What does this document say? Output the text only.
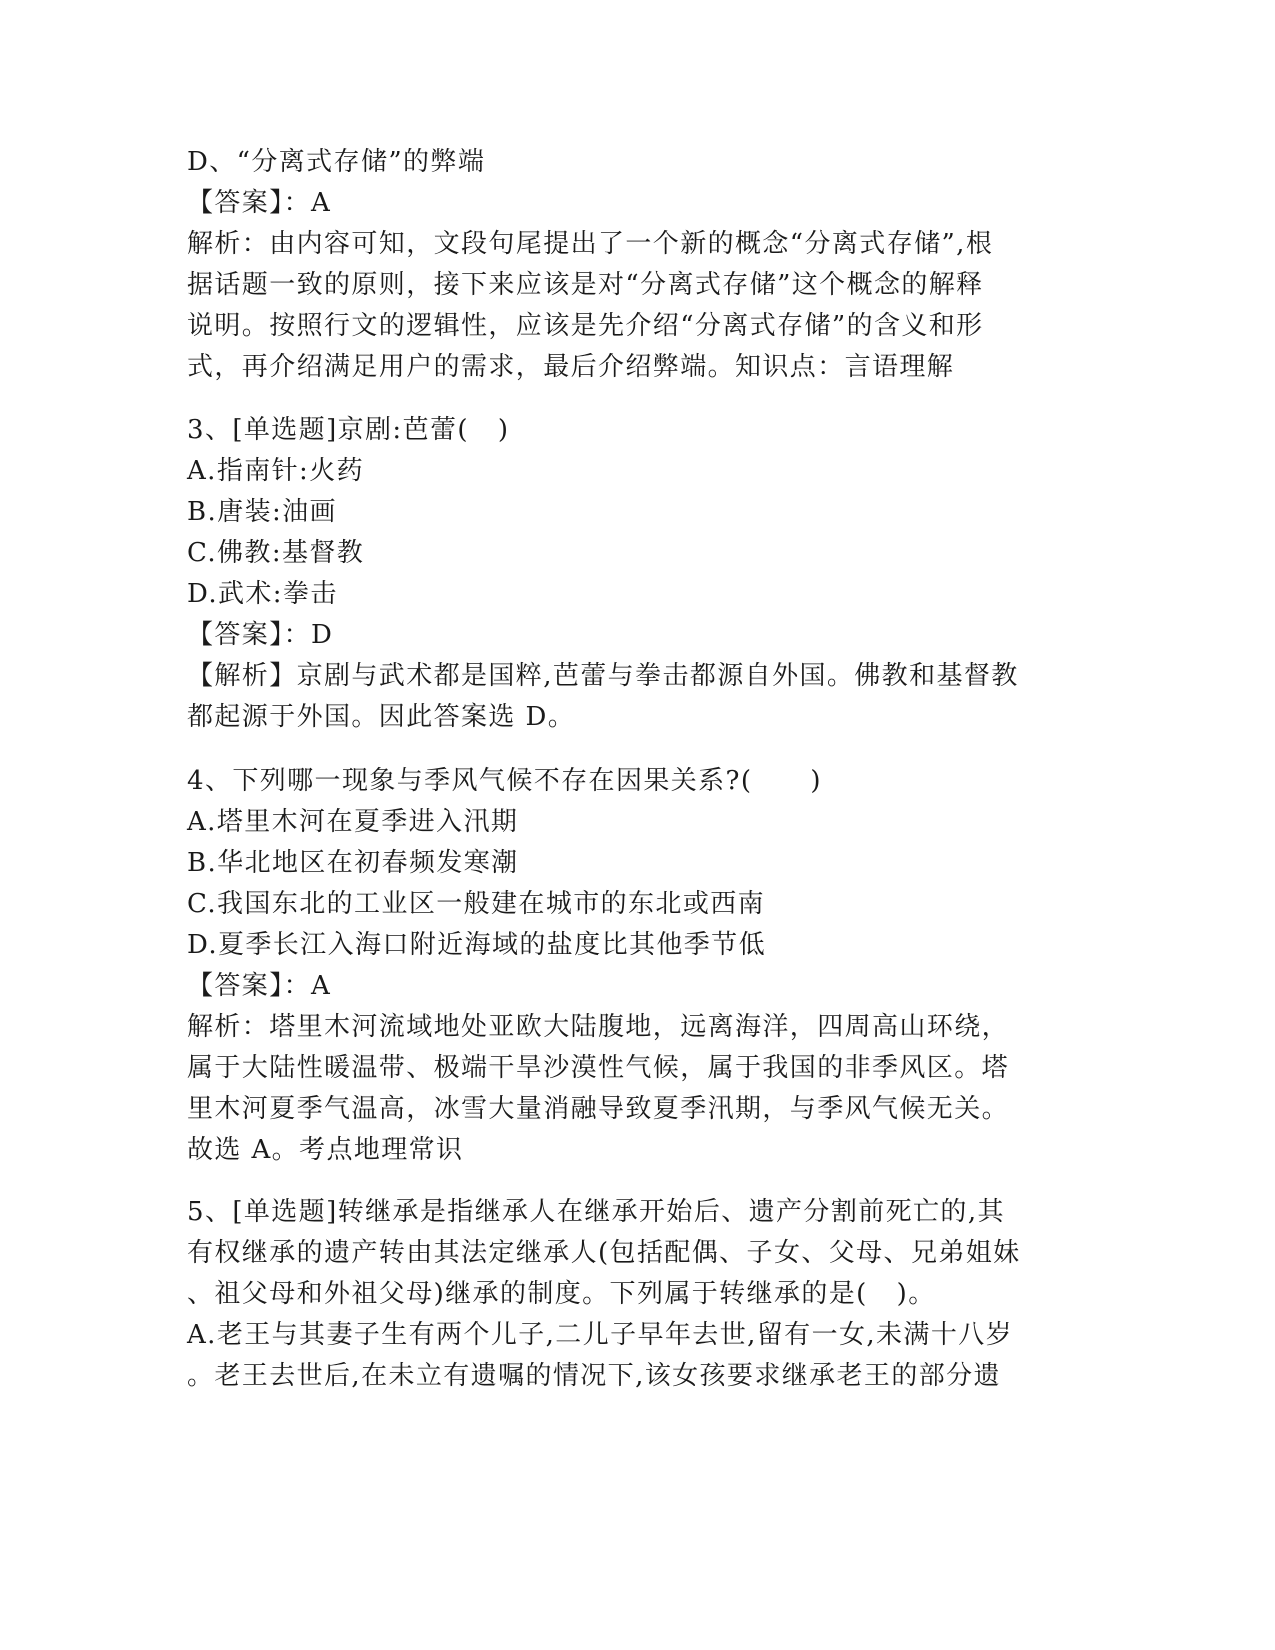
D、“分离式存储”的弊端
【答案】：A
解析：由内容可知，文段句尾提出了一个新的概念“分离式存储”,根
据话题一致的原则，接下来应该是对“分离式存储”这个概念的解释
说明。按照行文的逻辑性，应该是先介绍“分离式存储”的含义和形
式，再介绍满足用户的需求，最后介绍弊端。知识点：言语理解
3、[单选题]京剧:芭蕾(   )
A.指南针:火药
B.唐装:油画
C.佛教:基督教
D.武术:拳击
【答案】：D
【解析】京剧与武术都是国粹,芭蕾与拳击都源自外国。佛教和基督教
都起源于外国。因此答案选 D。
4、下列哪一现象与季风气候不存在因果关系?(      )
A.塔里木河在夏季进入汛期
B.华北地区在初春频发寒潮
C.我国东北的工业区一般建在城市的东北或西南
D.夏季长江入海口附近海域的盐度比其他季节低
【答案】：A
解析：塔里木河流域地处亚欧大陆腹地，远离海洋，四周高山环绕，
属于大陆性暖温带、极端干旱沙漠性气候，属于我国的非季风区。塔
里木河夏季气温高，冰雪大量消融导致夏季汛期，与季风气候无关。
故选 A。考点地理常识
5、[单选题]转继承是指继承人在继承开始后、遗产分割前死亡的,其
有权继承的遗产转由其法定继承人(包括配偶、子女、父母、兄弟姐妹
、祖父母和外祖父母)继承的制度。下列属于转继承的是(   )。
A.老王与其妻子生有两个儿子,二儿子早年去世,留有一女,未满十八岁
。老王去世后,在未立有遗嘱的情况下,该女孩要求继承老王的部分遗
